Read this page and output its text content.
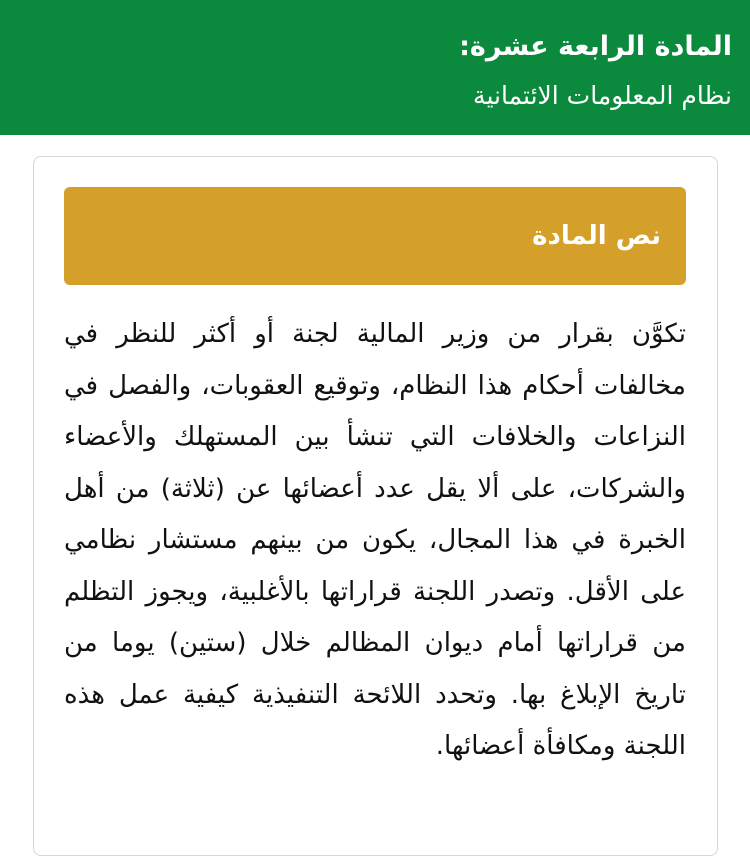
المادة الرابعة عشرة:
نظام المعلومات الائتمانية
نص المادة

تكوَّن بقرار من وزير المالية لجنة أو أكثر للنظر في مخالفات أحكام هذا النظام، وتوقيع العقوبات، والفصل في النزاعات والخلافات التي تنشأ بين المستهلك والأعضاء والشركات، على ألا يقل عدد أعضائها عن (ثلاثة) من أهل الخبرة في هذا المجال، يكون من بينهم مستشار نظامي على الأقل. وتصدر اللجنة قراراتها بالأغلبية، ويجوز التظلم من قراراتها أمام ديوان المظالم خلال (ستين) يوما من تاريخ الإبلاغ بها. وتحدد اللائحة التنفيذية كيفية عمل هذه اللجنة ومكافأة أعضائها.
